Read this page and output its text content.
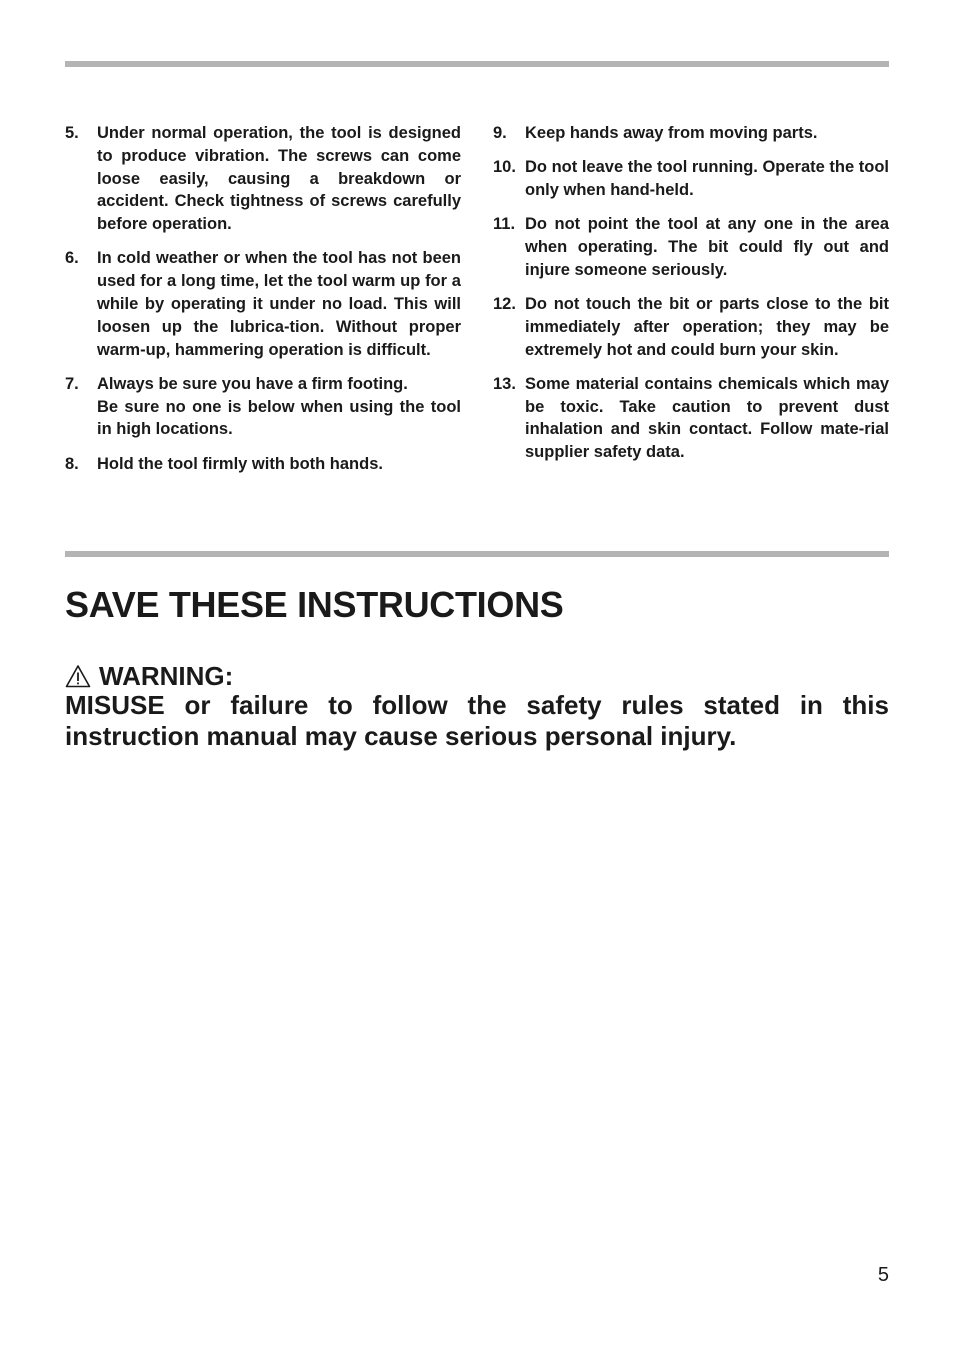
5.	Under normal operation, the tool is designed to produce vibration. The screws can come loose easily, causing a breakdown or accident. Check tightness of screws carefully before operation.
6.	In cold weather or when the tool has not been used for a long time, let the tool warm up for a while by operating it under no load. This will loosen up the lubrica-tion. Without proper warm-up, hammering operation is difficult.
7.	Always be sure you have a firm footing.
Be sure no one is below when using the tool in high locations.
8.	Hold the tool firmly with both hands.
9.	Keep hands away from moving parts.
10. Do not leave the tool running. Operate the tool only when hand-held.
11. Do not point the tool at any one in the area when operating. The bit could fly out and injure someone seriously.
12. Do not touch the bit or parts close to the bit immediately after operation; they may be extremely hot and could burn your skin.
13. Some material contains chemicals which may be toxic. Take caution to prevent dust inhalation and skin contact. Follow mate-rial supplier safety data.
SAVE THESE INSTRUCTIONS
WARNING:

MISUSE or failure to follow the safety rules stated in this instruction manual may cause serious personal injury.

5
